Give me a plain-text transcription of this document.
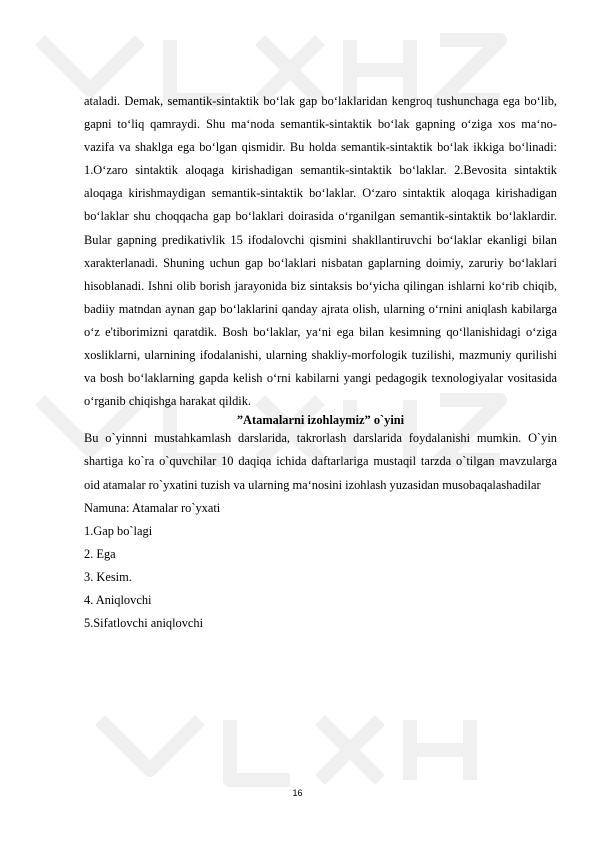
ataladi. Demak, semantik-sintaktik bo‘lak gap bo‘laklaridan kengroq tushunchaga ega bo‘lib, gapni to‘liq qamraydi. Shu ma‘noda semantik-sintaktik bo‘lak gapning o‘ziga xos ma‘no-vazifa va shaklga ega bo‘lgan qismidir. Bu holda semantik-sintaktik bo‘lak ikkiga bo‘linadi: 1.O‘zaro sintaktik aloqaga kirishadigan semantik-sintaktik bo‘laklar. 2.Bevosita sintaktik aloqaga kirishmaydigan semantik-sintaktik bo‘laklar. O‘zaro sintaktik aloqaga kirishadigan bo‘laklar shu choqqacha gap bo‘laklari doirasida o‘rganilgan semantik-sintaktik bo‘laklardir. Bular gapning predikativlik 15 ifodalovchi qismini shakllantiruvchi bo‘laklar ekanligi bilan xarakterlanadi. Shuning uchun gap bo‘laklari nisbatan gaplarning doimiy, zaruriy bo‘laklari hisoblanadi. Ishni olib borish jarayonida biz sintaksis bo‘yicha qilingan ishlarni ko‘rib chiqib, badiiy matndan aynan gap bo‘laklarini qanday ajrata olish, ularning o‘rnini aniqlash kabilarga o‘z e'tiborimizni qaratdik. Bosh bo‘laklar, ya‘ni ega bilan kesimning qo‘llanishidagi o‘ziga xosliklarni, ularnining ifodalanishi, ularning shakliy-morfologik tuzilishi, mazmuniy qurilishi va bosh bo‘laklarning gapda kelish o‘rni kabilarni yangi pedagogik texnologiyalar vositasida o‘rganib chiqishga harakat qildik.

”Atamalarni izohlaymiz” o`yini

Bu o`yinnni mustahkamlash darslarida, takrorlash darslarida foydalanishi mumkin. O`yin shartiga ko`ra o`quvchilar 10 daqiqa ichida daftarlariga mustaqil tarzda o`tilgan mavzularga oid atamalar ro`yxatini tuzish va ularning ma‘nosini izohlash yuzasidan musobaqalashadilar

Namuna: Atamalar ro`yxati

1.Gap bo`lagi

2. Ega

3. Kesim.

4. Aniqlovchi

5.Sifatlovchi aniqlovchi

16
